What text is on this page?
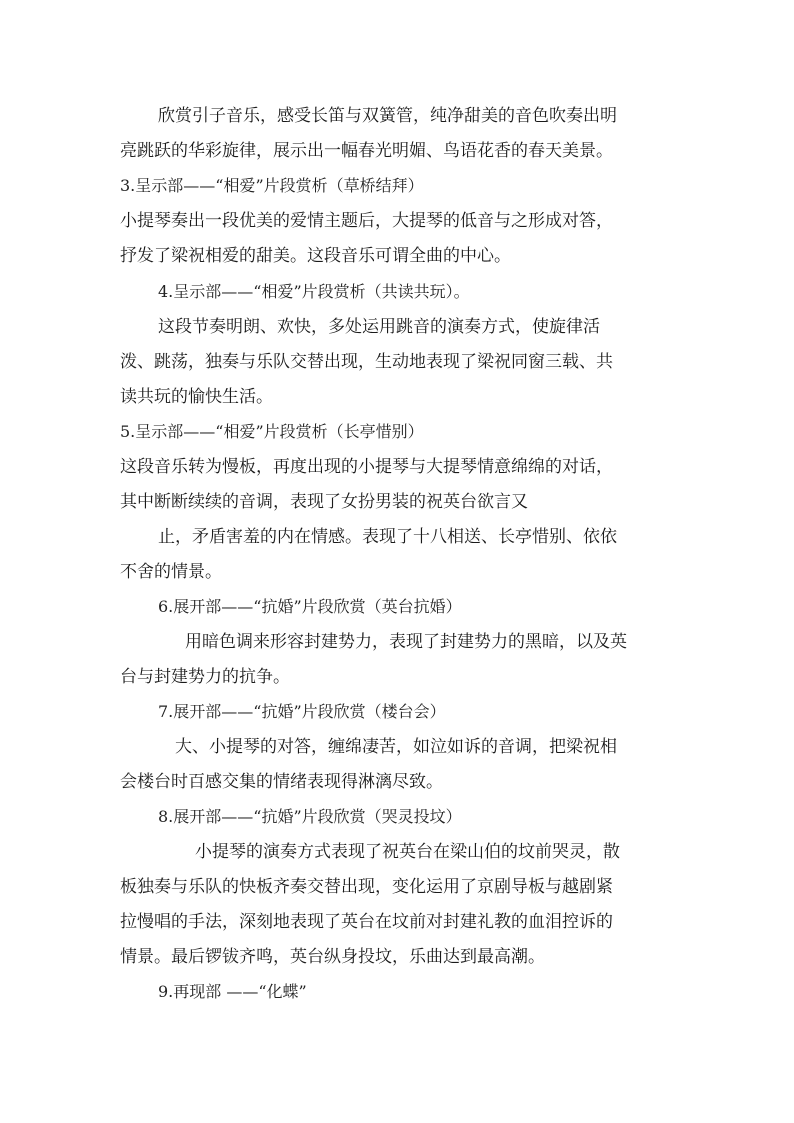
欣赏引子音乐，感受长笛与双簧管，纯净甜美的音色吹奏出明
亮跳跃的华彩旋律，展示出一幅春光明媚、鸟语花香的春天美景。
3.呈示部——“相爱”片段赏析（草桥结拜）
小提琴奏出一段优美的爱情主题后，大提琴的低音与之形成对答，
抒发了梁祝相爱的甜美。这段音乐可谓全曲的中心。
4.呈示部——“相爱”片段赏析（共读共玩）。
这段节奏明朗、欢快，多处运用跳音的演奏方式，使旋律活
泼、跳荡，独奏与乐队交替出现，生动地表现了梁祝同窗三载、共
读共玩的愉快生活。
5.呈示部——“相爱”片段赏析（长亭惜别）
这段音乐转为慢板，再度出现的小提琴与大提琴情意绵绵的对话，
其中断断续续的音调，表现了女扮男装的祝英台欲言又
止，矛盾害羞的内在情感。表现了十八相送、长亭惜别、依依
不舍的情景。
6.展开部——“抗婚”片段欣赏（英台抗婚）
用暗色调来形容封建势力，表现了封建势力的黑暗，以及英
台与封建势力的抗争。
7.展开部——“抗婚”片段欣赏（楼台会）
大、小提琴的对答，缠绵凄苦，如泣如诉的音调，把梁祝相
会楼台时百感交集的情绪表现得淋漓尽致。
8.展开部——“抗婚”片段欣赏（哭灵投坟）
小提琴的演奏方式表现了祝英台在梁山伯的坟前哭灵，散
板独奏与乐队的快板齐奏交替出现，变化运用了京剧导板与越剧紧
拉慢唱的手法，深刻地表现了英台在坟前对封建礼教的血泪控诉的
情景。最后锣钹齐鸣，英台纵身投坟，乐曲达到最高潮。
9.再现部 ——“化蝶”
